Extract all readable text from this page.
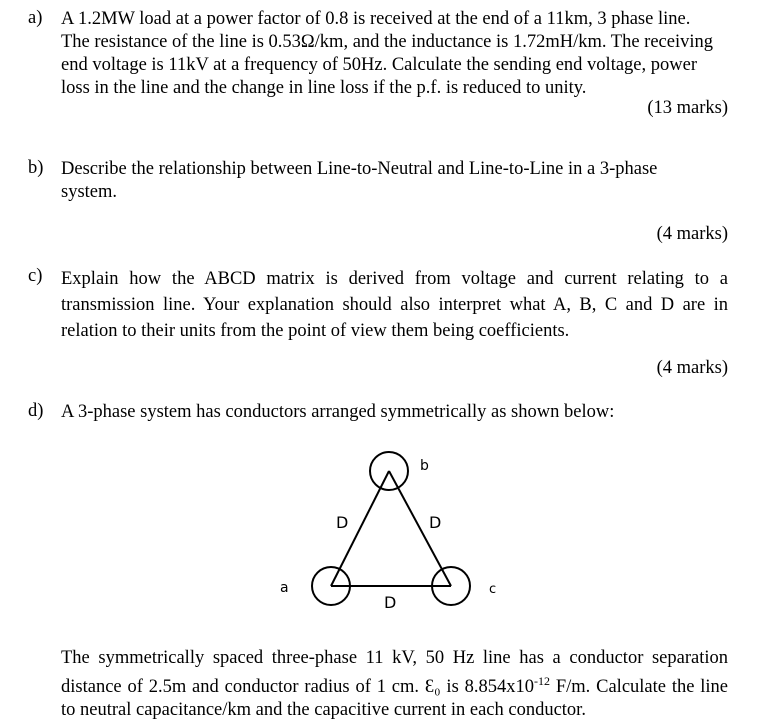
a) A 1.2MW load at a power factor of 0.8 is received at the end of a 11km, 3 phase line.
The resistance of the line is 0.53Ω/km, and the inductance is 1.72mH/km. The receiving
end voltage is 11kV at a frequency of 50Hz. Calculate the sending end voltage, power
loss in the line and the change in line loss if the p.f. is reduced to unity.
(13 marks)
b) Describe the relationship between Line-to-Neutral and Line-to-Line in a 3-phase
system.
(4 marks)
c) Explain how the ABCD matrix is derived from voltage and current relating to a
transmission line. Your explanation should also interpret what A, B, C and D are in
relation to their units from the point of view them being coefficients.
(4 marks)
d) A 3-phase system has conductors arranged symmetrically as shown below:
b
a	c
D	D
D
The symmetrically spaced three-phase 11 kV, 50 Hz line has a conductor separation
distance of 2.5m and conductor radius of 1 cm. Ɛ₀ is $8.854x10^{-12}$ F/m. Calculate the line
to neutral capacitance/km and the capacitive current in each conductor.
